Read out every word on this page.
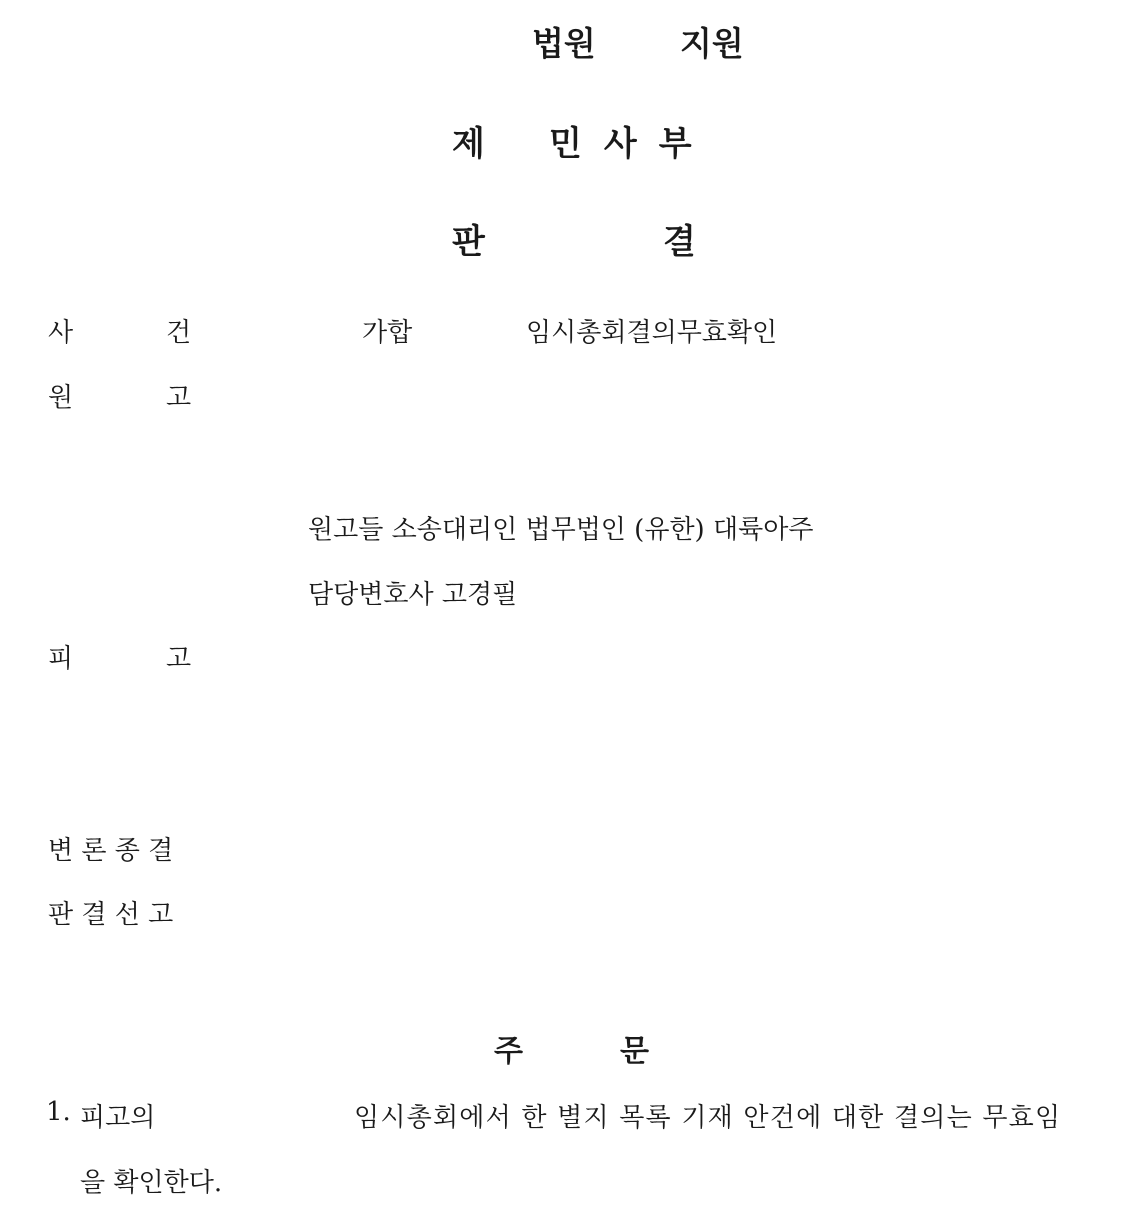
법원	지원
제 민사부
판	결
사	건	가합	임시총회결의무효확인
원	고
원고들 소송대리인 법무법인 (유한) 대륙아주
담당변호사 고경필
피	고
변 론 종 결
판 결 선 고
주	문
1. 피고의	임시총회에서 한 별지 목록 기재 안건에 대한 결의는 무효임
을 확인한다.
